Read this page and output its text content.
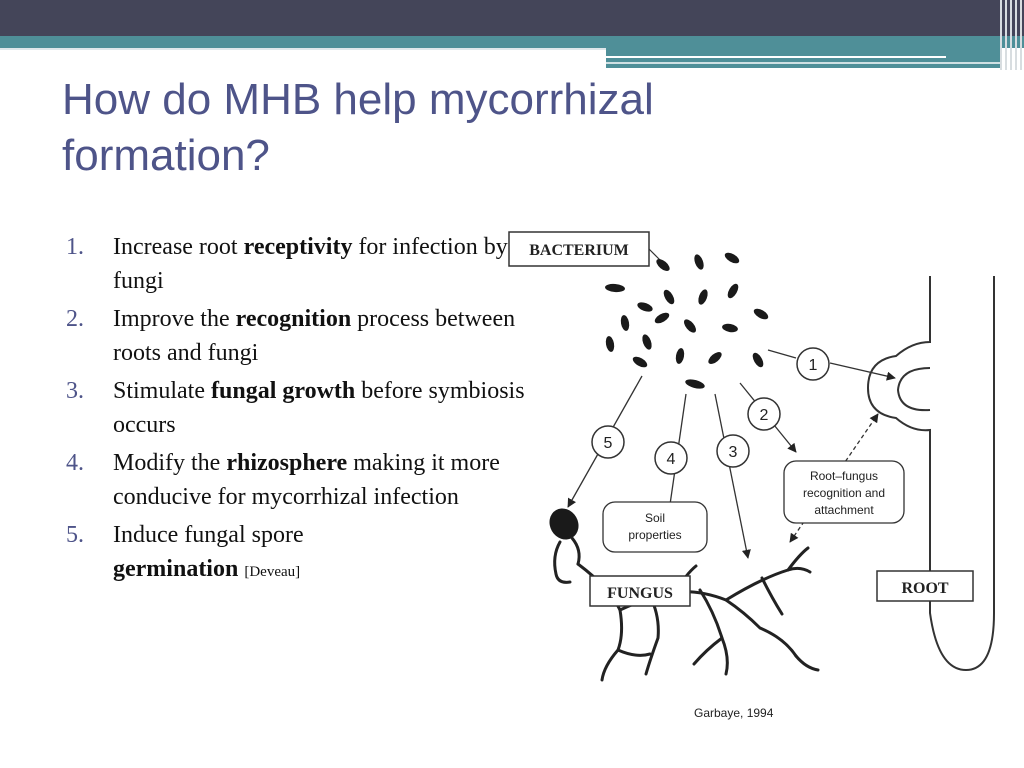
How do MHB help mycorrhizal formation?
1. Increase root receptivity for infection by fungi
2. Improve the recognition process between roots and fungi
3. Stimulate fungal growth before symbiosis occurs
4. Modify the rhizosphere making it more conducive for mycorrhizal infection
5. Induce fungal spore
germination [Deveau]
BACTERIUM
1
2
3
4
5
Root–fungus
recognition and
attachment
Soil
properties
FUNGUS	ROOT
Garbaye, 1994
